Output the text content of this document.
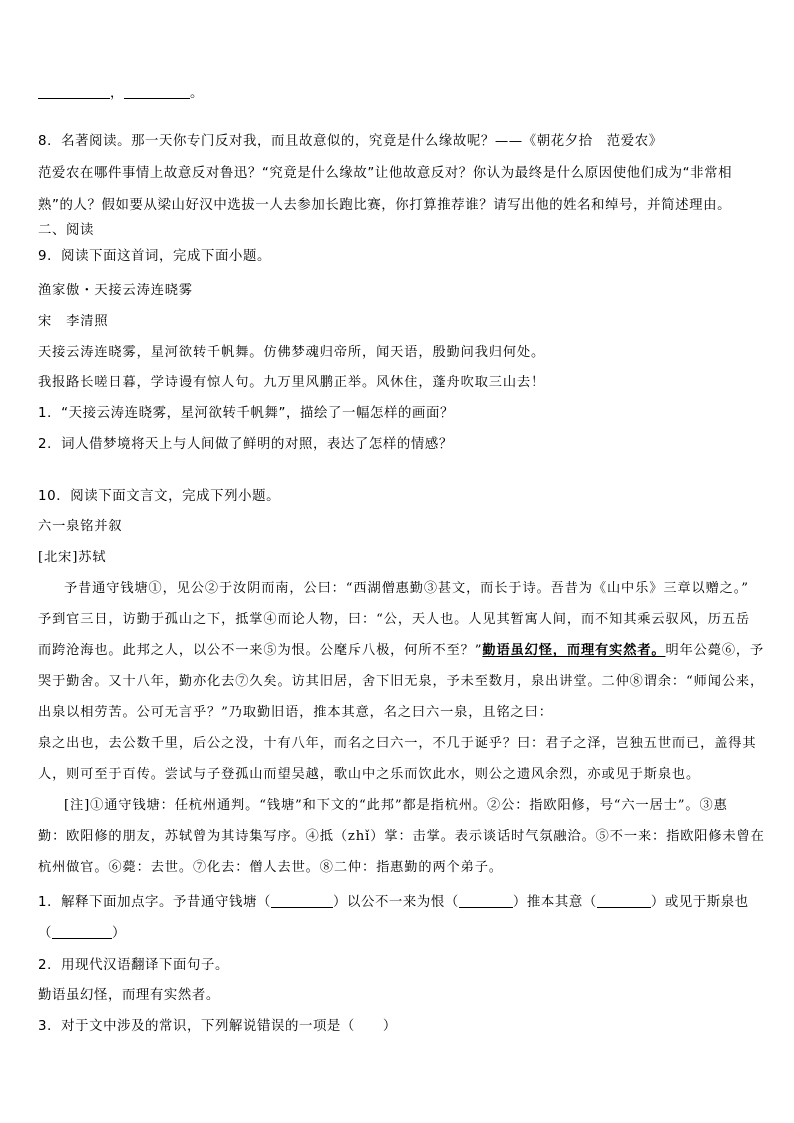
，	。
8．名著阅读。那一天你专门反对我，而且故意似的，究竟是什么缘故呢？——《朝花夕拾　范爱农》
范爱农在哪件事情上故意反对鲁迅？“究竟是什么缘故”让他故意反对？你认为最终是什么原因使他们成为“非常相
熟”的人？假如要从梁山好汉中选拔一人去参加长跑比赛，你打算推荐谁？请写出他的姓名和绰号，并简述理由。
二、阅读
9．阅读下面这首词，完成下面小题。
渔家傲・天接云涛连晓雾
宋　李清照
天接云涛连晓雾，星河欲转千帆舞。仿佛梦魂归帝所，闻天语，殷勤问我归何处。
我报路长嗟日暮，学诗谩有惊人句。九万里风鹏正举。风休住，蓬舟吹取三山去！
1．“天接云涛连晓雾，星河欲转千帆舞”，描绘了一幅怎样的画面？
2．词人借梦境将天上与人间做了鲜明的对照，表达了怎样的情感？
10．阅读下面文言文，完成下列小题。
六一泉铭并叙
[北宋]苏轼
予昔通守钱塘①，见公②于汝阴而南，公曰：“西湖僧惠勤③甚文，而长于诗。吾昔为《山中乐》三章以赠之。”
予到官三日，访勤于孤山之下，抵掌④而论人物，曰：“公，天人也。人见其暂寓人间，而不知其乘云驭风，历五岳
而跨沧海也。此邦之人，以公不一来⑤为恨。公麾斥八极，何所不至？”勤语虽幻怪，而理有实然者。明年公薨⑥，予
哭于勤舍。又十八年，勤亦化去⑦久矣。访其旧居，舍下旧无泉，予未至数月，泉出讲堂。二仲⑧谓余：“师闻公来，
出泉以相劳苦。公可无言乎？”乃取勤旧语，推本其意，名之曰六一泉，且铭之曰：
泉之出也，去公数千里，后公之没，十有八年，而名之曰六一，不几于诞乎？曰：君子之泽，岂独五世而已，盖得其
人，则可至于百传。尝试与子登孤山而望吴越，歌山中之乐而饮此水，则公之遗风余烈，亦或见于斯泉也。
[注]①通守钱塘：任杭州通判。“钱塘”和下文的“此邦”都是指杭州。②公：指欧阳修，号“六一居士”。③惠
勤：欧阳修的朋友，苏轼曾为其诗集写序。④抵（zhǐ）掌：击掌。表示谈话时气氛融洽。⑤不一来：指欧阳修未曾在
杭州做官。⑥薨：去世。⑦化去：僧人去世。⑧二仲：指惠勤的两个弟子。
1．解释下面加点字。予昔通守钱塘（	）以公不一来为恨（	）推本其意（	）或见于斯泉也
（	）
2．用现代汉语翻译下面句子。
勤语虽幻怪，而理有实然者。
3．对于文中涉及的常识，下列解说错误的一项是（　　）
